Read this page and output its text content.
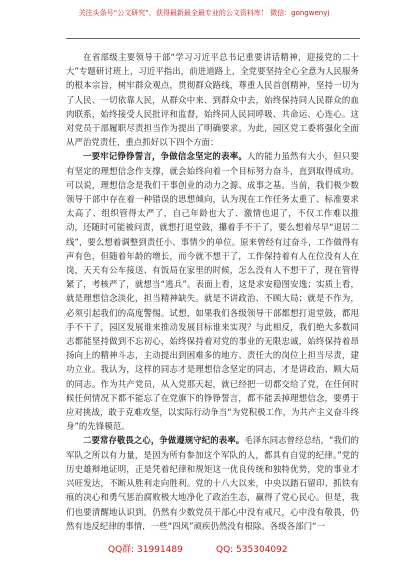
关注头条号“公文研究”，获得最新最全最专业的公文资料库！ 微信：gongwenyj

在省部级主要领导干部“学习习近平总书记重要讲话精神，迎接党的二十大”专题研讨班上，习近平指出，前进道路上，全党要坚持全心全意为人民服务的根本宗旨，树牢群众观点，贯彻群众路线，尊重人民首创精神，坚持一切为了人民、一切依靠人民，从群众中来、到群众中去，始终保持同人民群众的血肉联系，始终接受人民批评和监督，始终同人民同呼吸、共命运、心连心。这对党员干部履职尽责担当作为提出了明确要求。为此，园区党工委将强化全面从严治党责任，重点抓好以下四个方面：

一要牢记铮铮誓言，争做信念坚定的表率。人的能力虽然有大小，但只要有坚定的理想信念作支撑，就会始终向着一个目标努力奋斗，直到取得成功。可以说，理想信念是我们干事创业的动力之源、成事之基。当前，我们极少数领导干部中存在着一种错误的思想倾向，认为现在工作任务太重了、标准要求太高了、组织管得太严了，自己年龄也大了、激情也退了，不仅工作难以推动，还随时可能被问责，就想打退堂鼓，攥着手不干了，要么想着尽早“退居二线”，要么想着调整到责任小、事情少的单位。原来曾经有过奋斗，工作做得有声有色，但随着年龄的增长，而今就不想干了，工作保持着有人在位没有人在岗，天天有公车接送、有饭局在家里的时候，怎么没有人不想干了，现在管得紧了，考核严了，就想当“逃兵”。表面上看，这是求安稳图安逸；实质上看，就是理想信念淡化，担当精神缺失。就是不讲政治、不顾大局；就是不作为，必须引起我们的高度警惕。试想，如果我们各级领导干部都想打退堂鼓，都甩手不干了，园区发展谁来推动发展目标谁来实现？与此相反，我们绝大多数同志都能坚持做到不忘初心，始终保持着对党的事业的无限忠诚，始终保持着昂扬向上的精神斗志，主动提出到困难多的地方、责任大的岗位上担当尽责，建功立业。我认为，这样的同志才是理想信念坚定的同志，才是讲政治、顾大局的同志。作为共产党员，从入党那天起，就已经把一切都交给了党，在任何时候任何情况下都不能忘了在党旗下的铮铮誓言，都不能丢掉理想信念，要勇于应对挑战，敢于克难攻坚，以实际行动争当“为党积极工作，为共产主义奋斗终身”的先锋模范。

二要常存敬畏之心，争做遵规守纪的表率。毛泽东同志曾经总结，“我们的军队之所以有力量，是因为所有参加这个军队的人，都具有自觉的纪律。”党的历史雄辩地证明，正是凭着纪律和规矩这一优良传统和独特优势，党的事业才兴旺发达，不断从胜利走向胜利。党的十八大以来，中央以踏石留印、抓铁有痕的决心和勇气惩治腐败极大地净化了政治生态，赢得了党心民心。但是，我们也要清醒地认识到，仍然有少数党员干部心中没有戒尺，心中没有敬畏，仍然有违反纪律的事情，一些“四风”顽疾仍然没有根除。各级各部门“一

QQ群: 31991489	QQ: 535304092
